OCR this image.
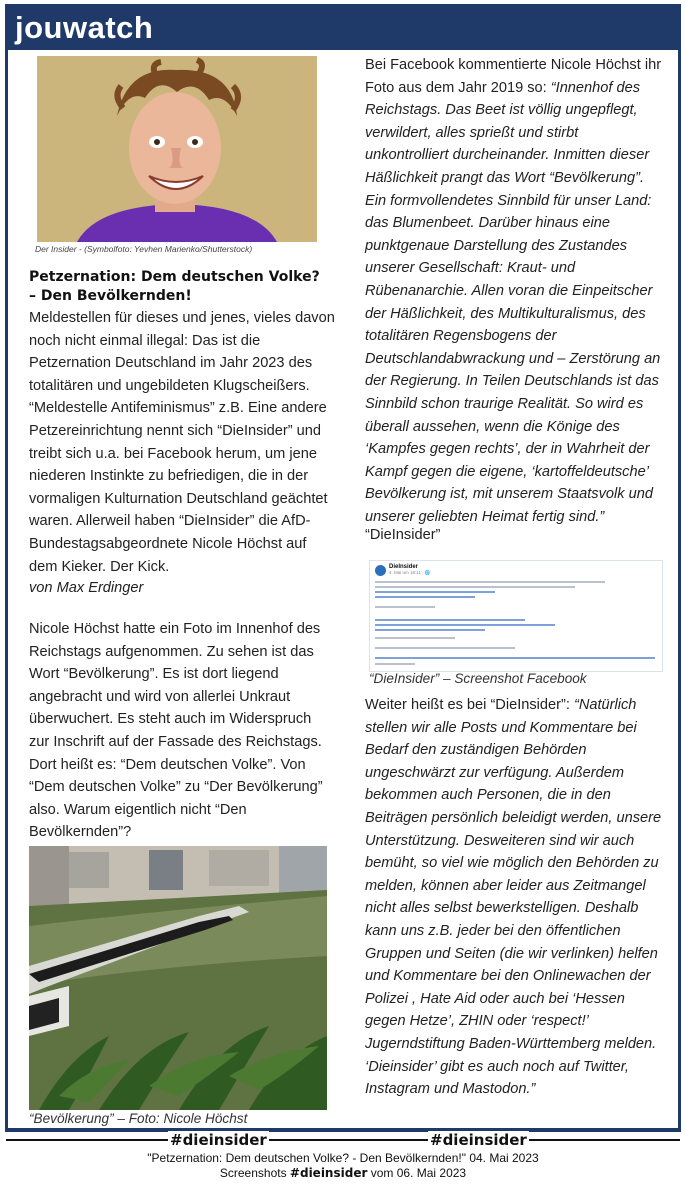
jouwatch
Der Insider - (Symbolfoto: Yevhen Marienko/Shutterstock)
Petzernation: Dem deutschen Volke? – Den Bevölkernden!
Meldestellen für dieses und jenes, vieles davon noch nicht einmal illegal: Das ist die Petzernation Deutschland im Jahr 2023 des totalitären und ungebildeten Klugscheißers. “Meldestelle Antifeminismus” z.B. Eine andere Petzereinrichtung nennt sich “DieInsider” und treibt sich u.a. bei Facebook herum, um jene niederen Instinkte zu befriedigen, die in der vormaligen Kulturnation Deutschland geächtet waren. Allerweil haben “DieInsider” die AfD-Bundestagsabgeordnete Nicole Höchst auf dem Kieker. Der Kick.
von Max Erdinger
Nicole Höchst hatte ein Foto im Innenhof des Reichstags aufgenommen. Zu sehen ist das Wort “Bevölkerung”. Es ist dort liegend angebracht und wird von allerlei Unkraut überwuchert. Es steht auch im Widerspruch zur Inschrift auf der Fassade des Reichstags. Dort heißt es: “Dem deutschen Volke”. Von “Dem deutschen Volke” zu “Der Bevölkerung” also. Warum eigentlich nicht “Den Bevölkernden”?
“Bevölkerung” – Foto: Nicole Höchst
Bei Facebook kommentierte Nicole Höchst ihr Foto aus dem Jahr 2019 so: “Innenhof des Reichstags. Das Beet ist völlig ungepflegt, verwildert, alles sprießt und stirbt unkontrolliert durcheinander. Inmitten dieser Häßlichkeit prangt das Wort “Bevölkerung”. Ein formvollendetes Sinnbild für unser Land: das Blumenbeet. Darüber hinaus eine punktgenaue Darstellung des Zustandes unserer Gesellschaft: Kraut- und Rübenanarchie. Allen voran die Einpeitscher der Häßlichkeit, des Multikulturalismus, des totalitären Regensbogens der Deutschlandabwrackung und – Zerstörung an der Regierung. In Teilen Deutschlands ist das Sinnbild schon traurige Realität. So wird es überall aussehen, wenn die Könige des ‘Kampfes gegen rechts’, der in Wahrheit der Kampf gegen die eigene, ‘kartoffeldeutsche’ Bevölkerung ist, mit unserem Staatsvolk und unserer geliebten Heimat fertig sind.”
“DieInsider”
DieInsider
4. Mai um 18:11 · 🌐
“DieInsider” – Screenshot Facebook
Weiter heißt es bei “DieInsider”: “Natürlich stellen wir alle Posts und Kommentare bei Bedarf den zuständigen Behörden ungeschwärzt zur verfügung. Außerdem bekommen auch Personen, die in den Beiträgen persönlich beleidigt werden, unsere Unterstützung. Desweiteren sind wir auch bemüht, so viel wie möglich den Behörden zu melden, können aber leider aus Zeitmangel nicht alles selbst bewerkstelligen. Deshalb kann uns z.B. jeder bei den öffentlichen Gruppen und Seiten (die wir verlinken) helfen und Kommentare bei den Onlinewachen der Polizei , Hate Aid oder auch bei ‘Hessen gegen Hetze’, ZHIN oder ‘respect!’ Jugerndstiftung Baden-Württemberg melden. ‘Dieinsider’ gibt es auch noch auf Twitter, Instagram und Mastodon.”
#dieinsider	#dieinsider
"Petzernation: Dem deutschen Volke? - Den Bevölkernden!" 04. Mai 2023
Screenshots #dieinsider vom 06. Mai 2023
